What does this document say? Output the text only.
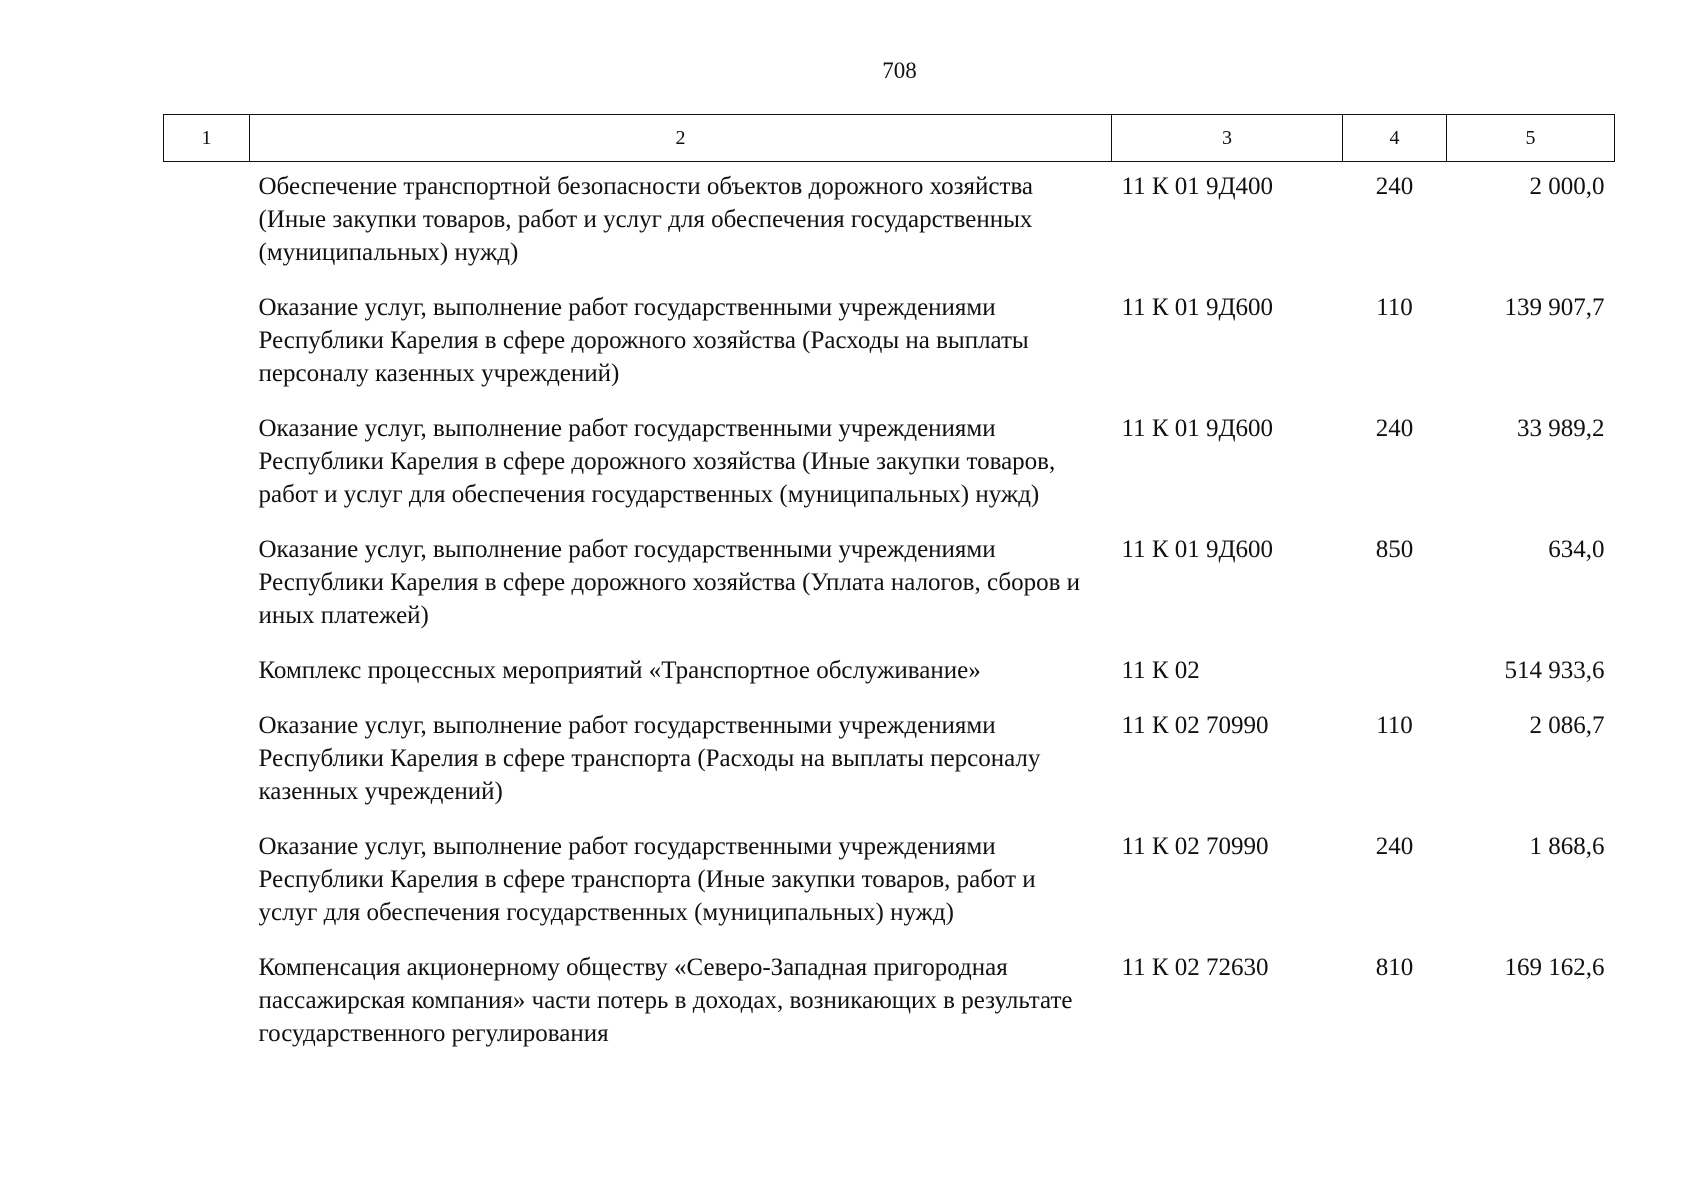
708
1	2	3	4	5
	Обеспечение транспортной безопасности объектов дорожного хозяйства (Иные закупки товаров, работ и услуг для обеспечения государственных (муниципальных) нужд)	11 К 01 9Д400	240	2 000,0
	Оказание услуг, выполнение работ государственными учреждениями Республики Карелия в сфере дорожного хозяйства (Расходы на выплаты персоналу казенных учреждений)	11 К 01 9Д600	110	139 907,7
	Оказание услуг, выполнение работ государственными учреждениями Республики Карелия в сфере дорожного хозяйства (Иные закупки товаров, работ и услуг для обеспечения государственных (муниципальных) нужд)	11 К 01 9Д600	240	33 989,2
	Оказание услуг, выполнение работ государственными учреждениями Республики Карелия в сфере дорожного хозяйства (Уплата налогов, сборов и иных платежей)	11 К 01 9Д600	850	634,0
	Комплекс процессных мероприятий «Транспортное обслуживание»	11 К 02		514 933,6
	Оказание услуг, выполнение работ государственными учреждениями Республики Карелия в сфере транспорта (Расходы на выплаты персоналу казенных учреждений)	11 К 02 70990	110	2 086,7
	Оказание услуг, выполнение работ государственными учреждениями Республики Карелия в сфере транспорта (Иные закупки товаров, работ и услуг для обеспечения государственных (муниципальных) нужд)	11 К 02 70990	240	1 868,6
	Компенсация акционерному обществу «Северо-Западная пригородная пассажирская компания» части потерь в доходах, возникающих в результате государственного регулирования	11 К 02 72630	810	169 162,6
